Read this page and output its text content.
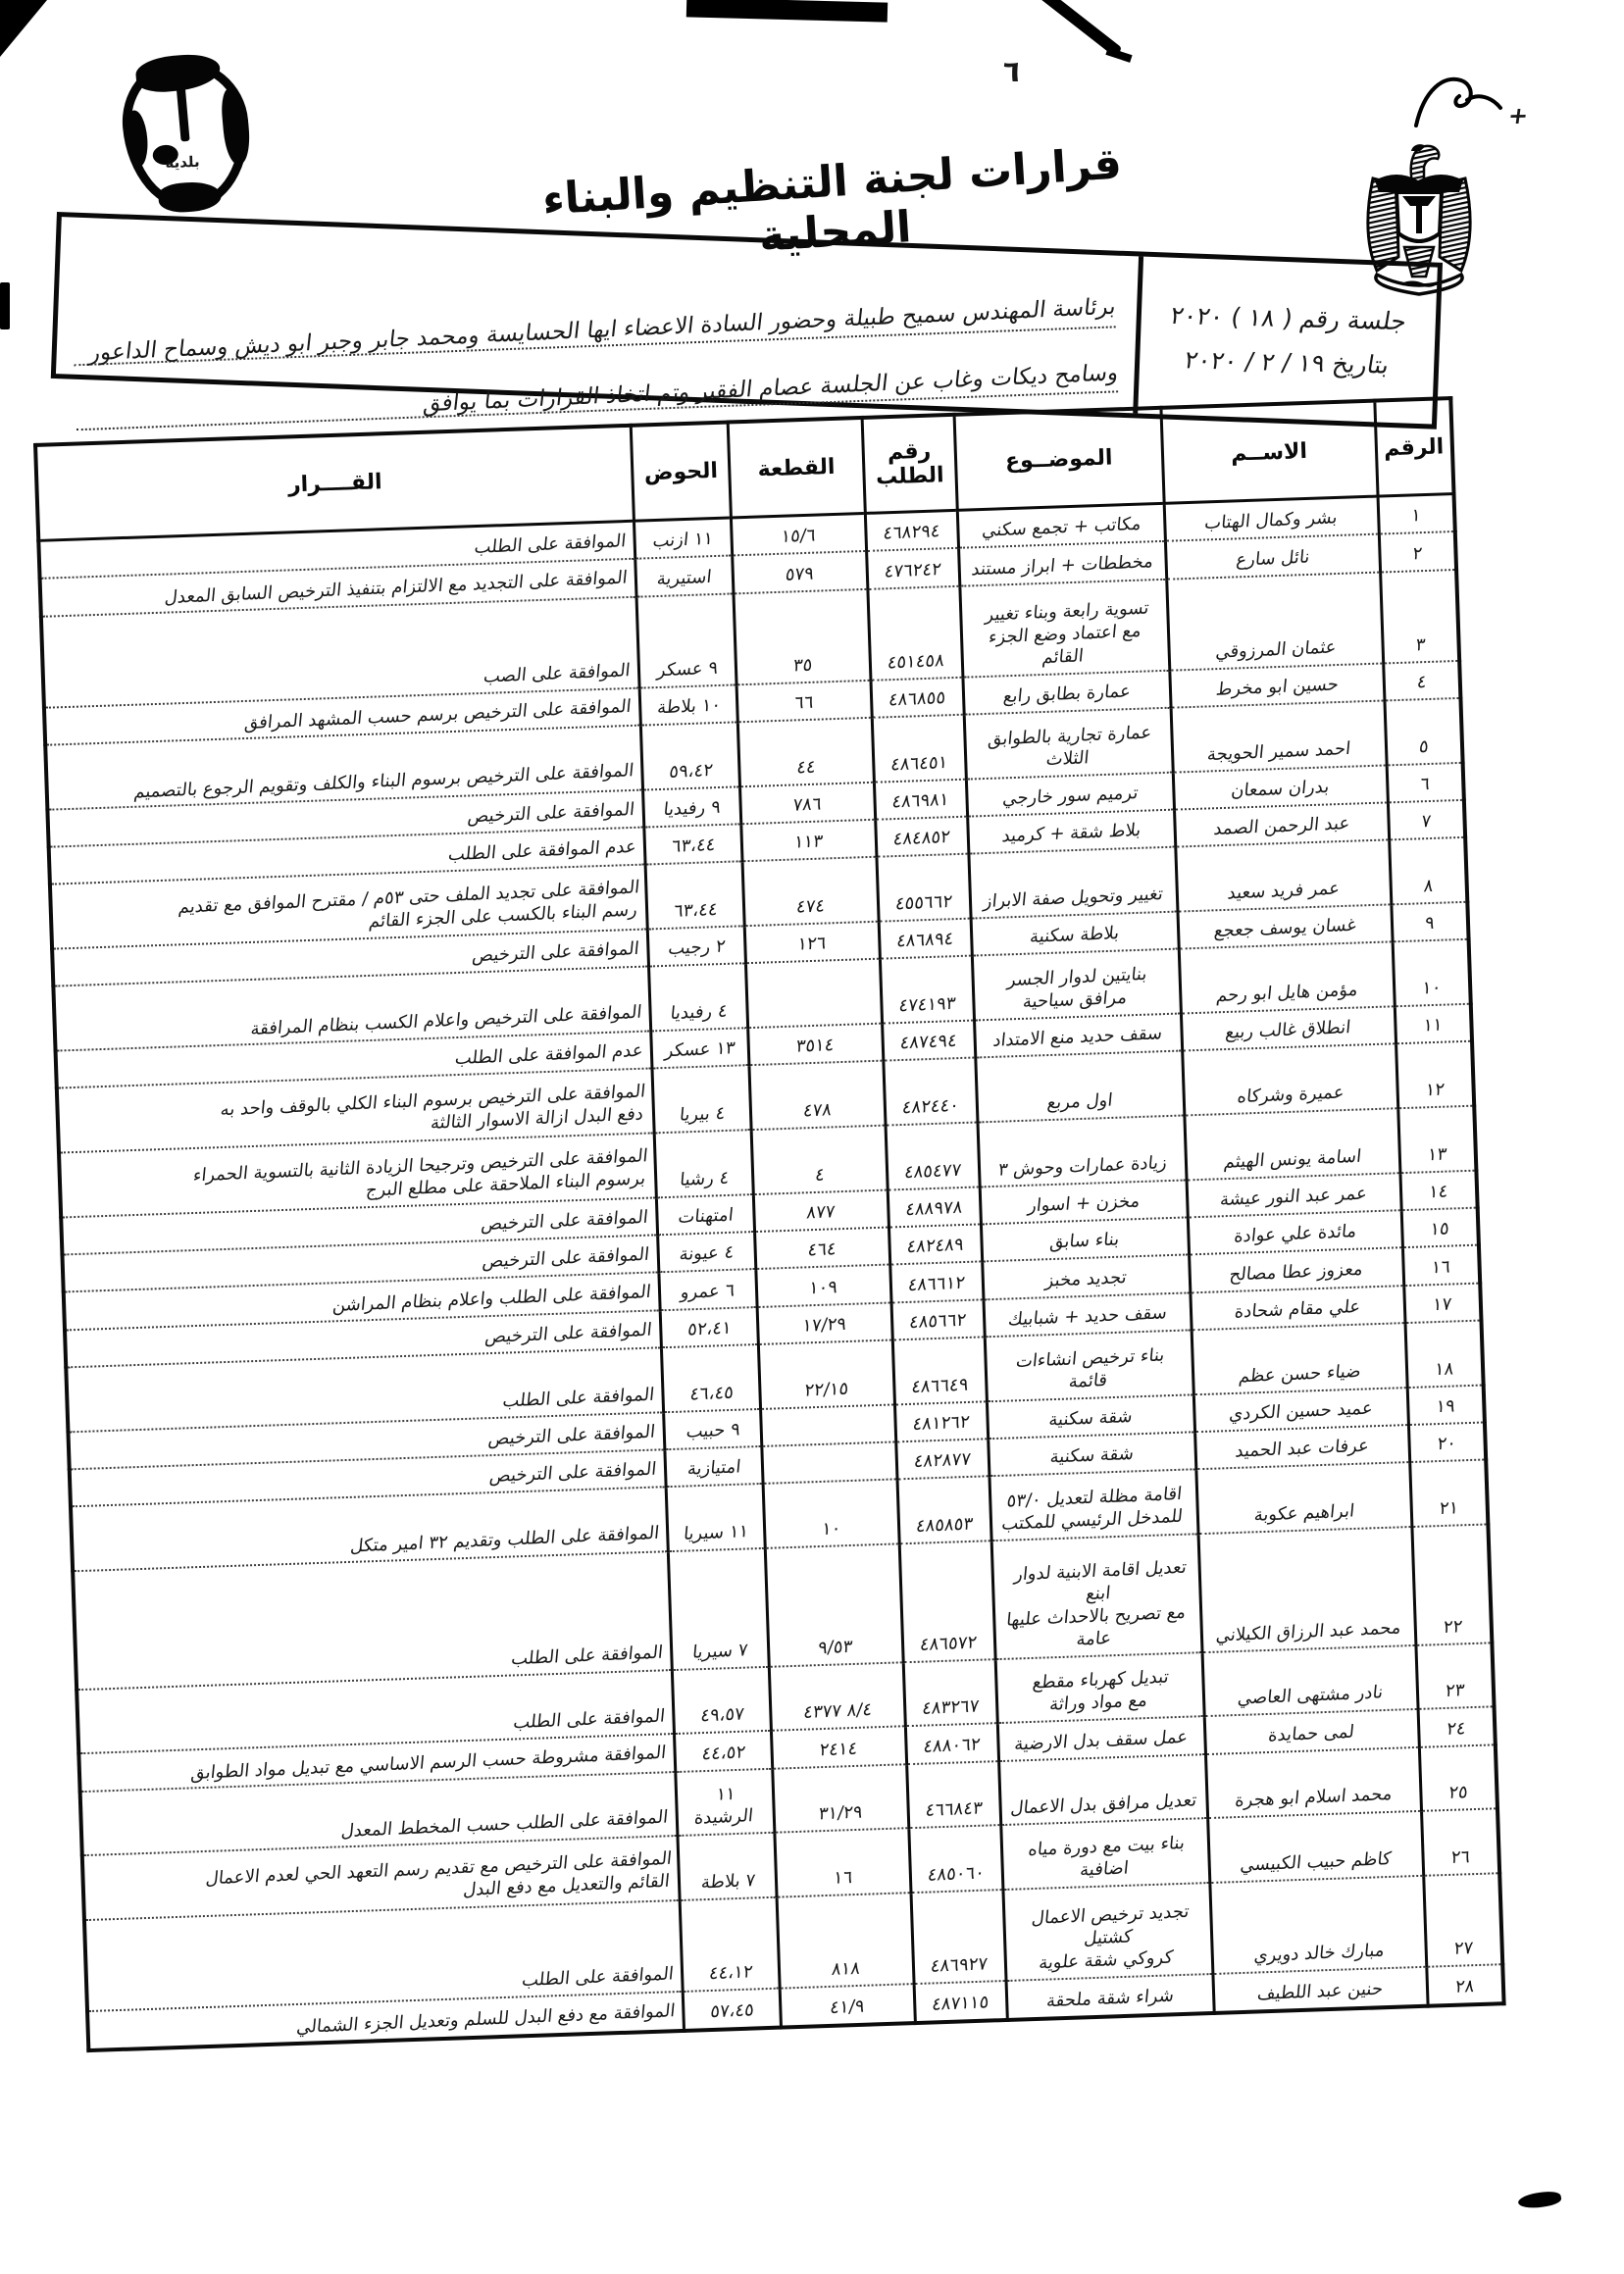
٦
+
بلدية	قرارات لجنة التنظيم والبناء المحلية
جلسة رقم ( ١٨ ) ٢٠٢٠
بتاريخ ١٩ / ٢ / ٢٠٢٠
برئاسة المهندس سميح طبيلة وحضور السادة الاعضاء ايها الحسايسة ومحمد جابر وجبر ابو ديش وسماح الداعور
وسامح ديكات وغاب عن الجلسة عصام الفقير وتم اتخاذ القرارات بما يوافق
الرقم	الاســم	الموضــوع	رقم
الطلب	القطعة	الحوض	القــــرار
١	بشر وكمال الهتاب	مكاتب + تجمع سكني	٤٦٨٢٩٤	١٥/٦	١١ ازنب	الموافقة على الطلب
٢	نائل سارع	مخططات + ابراز مستند	٤٧٦٢٤٢	٥٧٩	استيرية	الموافقة على التجديد مع الالتزام بتنفيذ الترخيص السابق المعدل
٣	عثمان المرزوقي	تسوية رابعة وبناء تغيير
مع اعتماد وضع الجزء القائم	٤٥١٤٥٨	٣٥	٩ عسكر	الموافقة على الصب
٤	حسين ابو مخرط	عمارة بطابق رابع	٤٨٦٨٥٥	٦٦	١٠ بلاطة	الموافقة على الترخيص برسم حسب المشهد المرافق
٥	احمد سمير الحويجة	عمارة تجارية بالطوابق الثلاث	٤٨٦٤٥١	٤٤	٥٩،٤٢	الموافقة على الترخيص برسوم البناء والكلف وتقويم الرجوع بالتصميم
٦	بدران سمعان	ترميم سور خارجي	٤٨٦٩٨١	٧٨٦	٩ رفيديا	الموافقة على الترخيص
٧	عبد الرحمن الصمد	بلاط شقة + كرميد	٤٨٤٨٥٢	١١٣	٦٣،٤٤	عدم الموافقة على الطلب
٨	عمر فريد سعيد	تغيير وتحويل صفة الابراز	٤٥٥٦٦٢	٤٧٤	٦٣،٤٤	الموافقة على تجديد الملف حتى ٥٣م / مقترح الموافق مع تقديم
رسم البناء بالكسب على الجزء القائم
٩	غسان يوسف جعجع	بلاطة سكنية	٤٨٦٨٩٤	١٢٦	٢ رجيب	الموافقة على الترخيص
١٠	مؤمن هايل ابو رحم	بنايتين لدوار الجسر
مرافق سياحية	٤٧٤١٩٣		٤ رفيديا	الموافقة على الترخيص واعلام الكسب بنظام المرافقة
١١	انطلاق غالب ربيع	سقف حديد منع الامتداد	٤٨٧٤٩٤	٣٥١٤	١٣ عسكر	عدم الموافقة على الطلب
١٢	عميرة وشركاه	اول مربع	٤٨٢٤٤٠	٤٧٨	٤ بيريا	الموافقة على الترخيص برسوم البناء الكلي بالوقف واحد به
دفع البدل ازالة الاسوار الثالثة
١٣	اسامة يونس الهيثم	زيادة عمارات وحوش ٣	٤٨٥٤٧٧	٤	٤ رشيا	الموافقة على الترخيص وترجيحا الزيادة الثانية بالتسوية الحمراء
برسوم البناء الملاحقة على مطلع البرج
١٤	عمر عبد النور عيشة	مخزن + اسوار	٤٨٨٩٧٨	٨٧٧	امتهنات	الموافقة على الترخيص
١٥	مائدة علي عوادة	بناء سابق	٤٨٢٤٨٩	٤٦٤	٤ عيونة	الموافقة على الترخيص
١٦	معزوز عطا مصالح	تجديد مخبز	٤٨٦٦١٢	١٠٩	٦ عمرو	الموافقة على الطلب واعلام بنظام المراشن
١٧	علي مقام شحادة	سقف حديد + شبابيك	٤٨٥٦٦٢	١٧/٢٩	٥٢،٤١	الموافقة على الترخيص
١٨	ضياء حسن عظم	بناء ترخيص انشاءات
قائمة	٤٨٦٦٤٩	٢٢/١٥	٤٦،٤٥	الموافقة على الطلب
١٩	عميد حسين الكردي	شقة سكنية	٤٨١٢٦٢		٩ حبيب	الموافقة على الترخيص
٢٠	عرفات عبد الحميد	شقة سكنية	٤٨٢٨٧٧		امتيازية	الموافقة على الترخيص
٢١	ابراهيم عكوبة	اقامة مظلة لتعديل ٥٣/٠
للمدخل الرئيسي للمكتب	٤٨٥٨٥٣	١٠	١١ سيريا	الموافقة على الطلب وتقديم ٣٢ امير متكل
٢٢	محمد عبد الرزاق الكيلاني	تعديل اقامة الابنية لدوار ابنع
مع تصريح بالاحداث عليها
عامة	٤٨٦٥٧٢	٩/٥٣	٧ سيريا	الموافقة على الطلب
٢٣	نادر مشتهى العاصي	تبديل كهرباء مقطع
مع مواد وراثة	٤٨٣٢٦٧	٨/٤ ٤٣٧٧	٤٩،٥٧	الموافقة على الطلب
٢٤	لمى حمايدة	عمل سقف بدل الارضية	٤٨٨٠٦٢	٢٤١٤	٤٤،٥٢	الموافقة مشروطة حسب الرسم الاساسي مع تبديل مواد الطوابق
٢٥	محمد اسلام ابو هجرة	تعديل مرافق بدل الاعمال	٤٦٦٨٤٣	٣١/٢٩	١١ الرشيدة	الموافقة على الطلب حسب المخطط المعدل
٢٦	كاظم حبيب الكبيسي	بناء بيت مع دورة مياه
اضافية	٤٨٥٠٦٠	١٦	٧ بلاطة	الموافقة على الترخيص مع تقديم رسم التعهد الحي لعدم الاعمال
القائم والتعديل مع دفع البدل
٢٧	مبارك خالد دويري	تجديد ترخيص الاعمال كشتيل
كروكي شقة علوية	٤٨٦٩٢٧	٨١٨	٤٤،١٢	الموافقة على الطلب
٢٨	حنين عبد اللطيف	شراء شقة ملحقة	٤٨٧١١٥	٤١/٩	٥٧،٤٥	الموافقة مع دفع البدل للسلم وتعديل الجزء الشمالي
